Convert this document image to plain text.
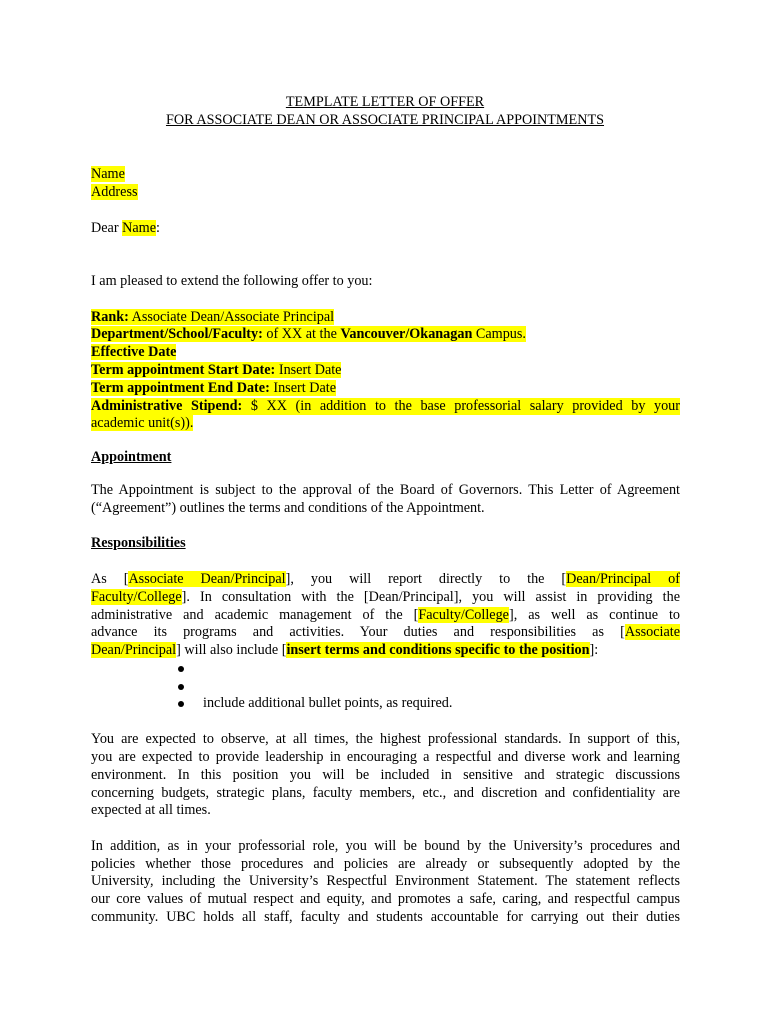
TEMPLATE LETTER OF OFFER
FOR ASSOCIATE DEAN OR ASSOCIATE PRINCIPAL APPOINTMENTS
Name
Address
Dear Name:
I am pleased to extend the following offer to you:
Rank: Associate Dean/Associate Principal
Department/School/Faculty: of XX at the Vancouver/Okanagan Campus.
Effective Date
Term appointment Start Date: Insert Date
Term appointment End Date: Insert Date
Administrative Stipend: $ XX (in addition to the base professorial salary provided by your
academic unit(s)).
Appointment
The Appointment is subject to the approval of the Board of Governors. This Letter of Agreement
(“Agreement”) outlines the terms and conditions of the Appointment.
Responsibilities
As [Associate Dean/Principal], you will report directly to the [Dean/Principal of
Faculty/College]. In consultation with the [Dean/Principal], you will assist in providing the
administrative and academic management of the [Faculty/College], as well as continue to
advance its programs and activities. Your duties and responsibilities as [Associate
Dean/Principal] will also include [insert terms and conditions specific to the position]:
include additional bullet points, as required.
You are expected to observe, at all times, the highest professional standards. In support of this,
you are expected to provide leadership in encouraging a respectful and diverse work and learning
environment. In this position you will be included in sensitive and strategic discussions
concerning budgets, strategic plans, faculty members, etc., and discretion and confidentiality are
expected at all times.
In addition, as in your professorial role, you will be bound by the University’s procedures and
policies whether those procedures and policies are already or subsequently adopted by the
University, including the University’s Respectful Environment Statement. The statement reflects
our core values of mutual respect and equity, and promotes a safe, caring, and respectful campus
community. UBC holds all staff, faculty and students accountable for carrying out their duties
